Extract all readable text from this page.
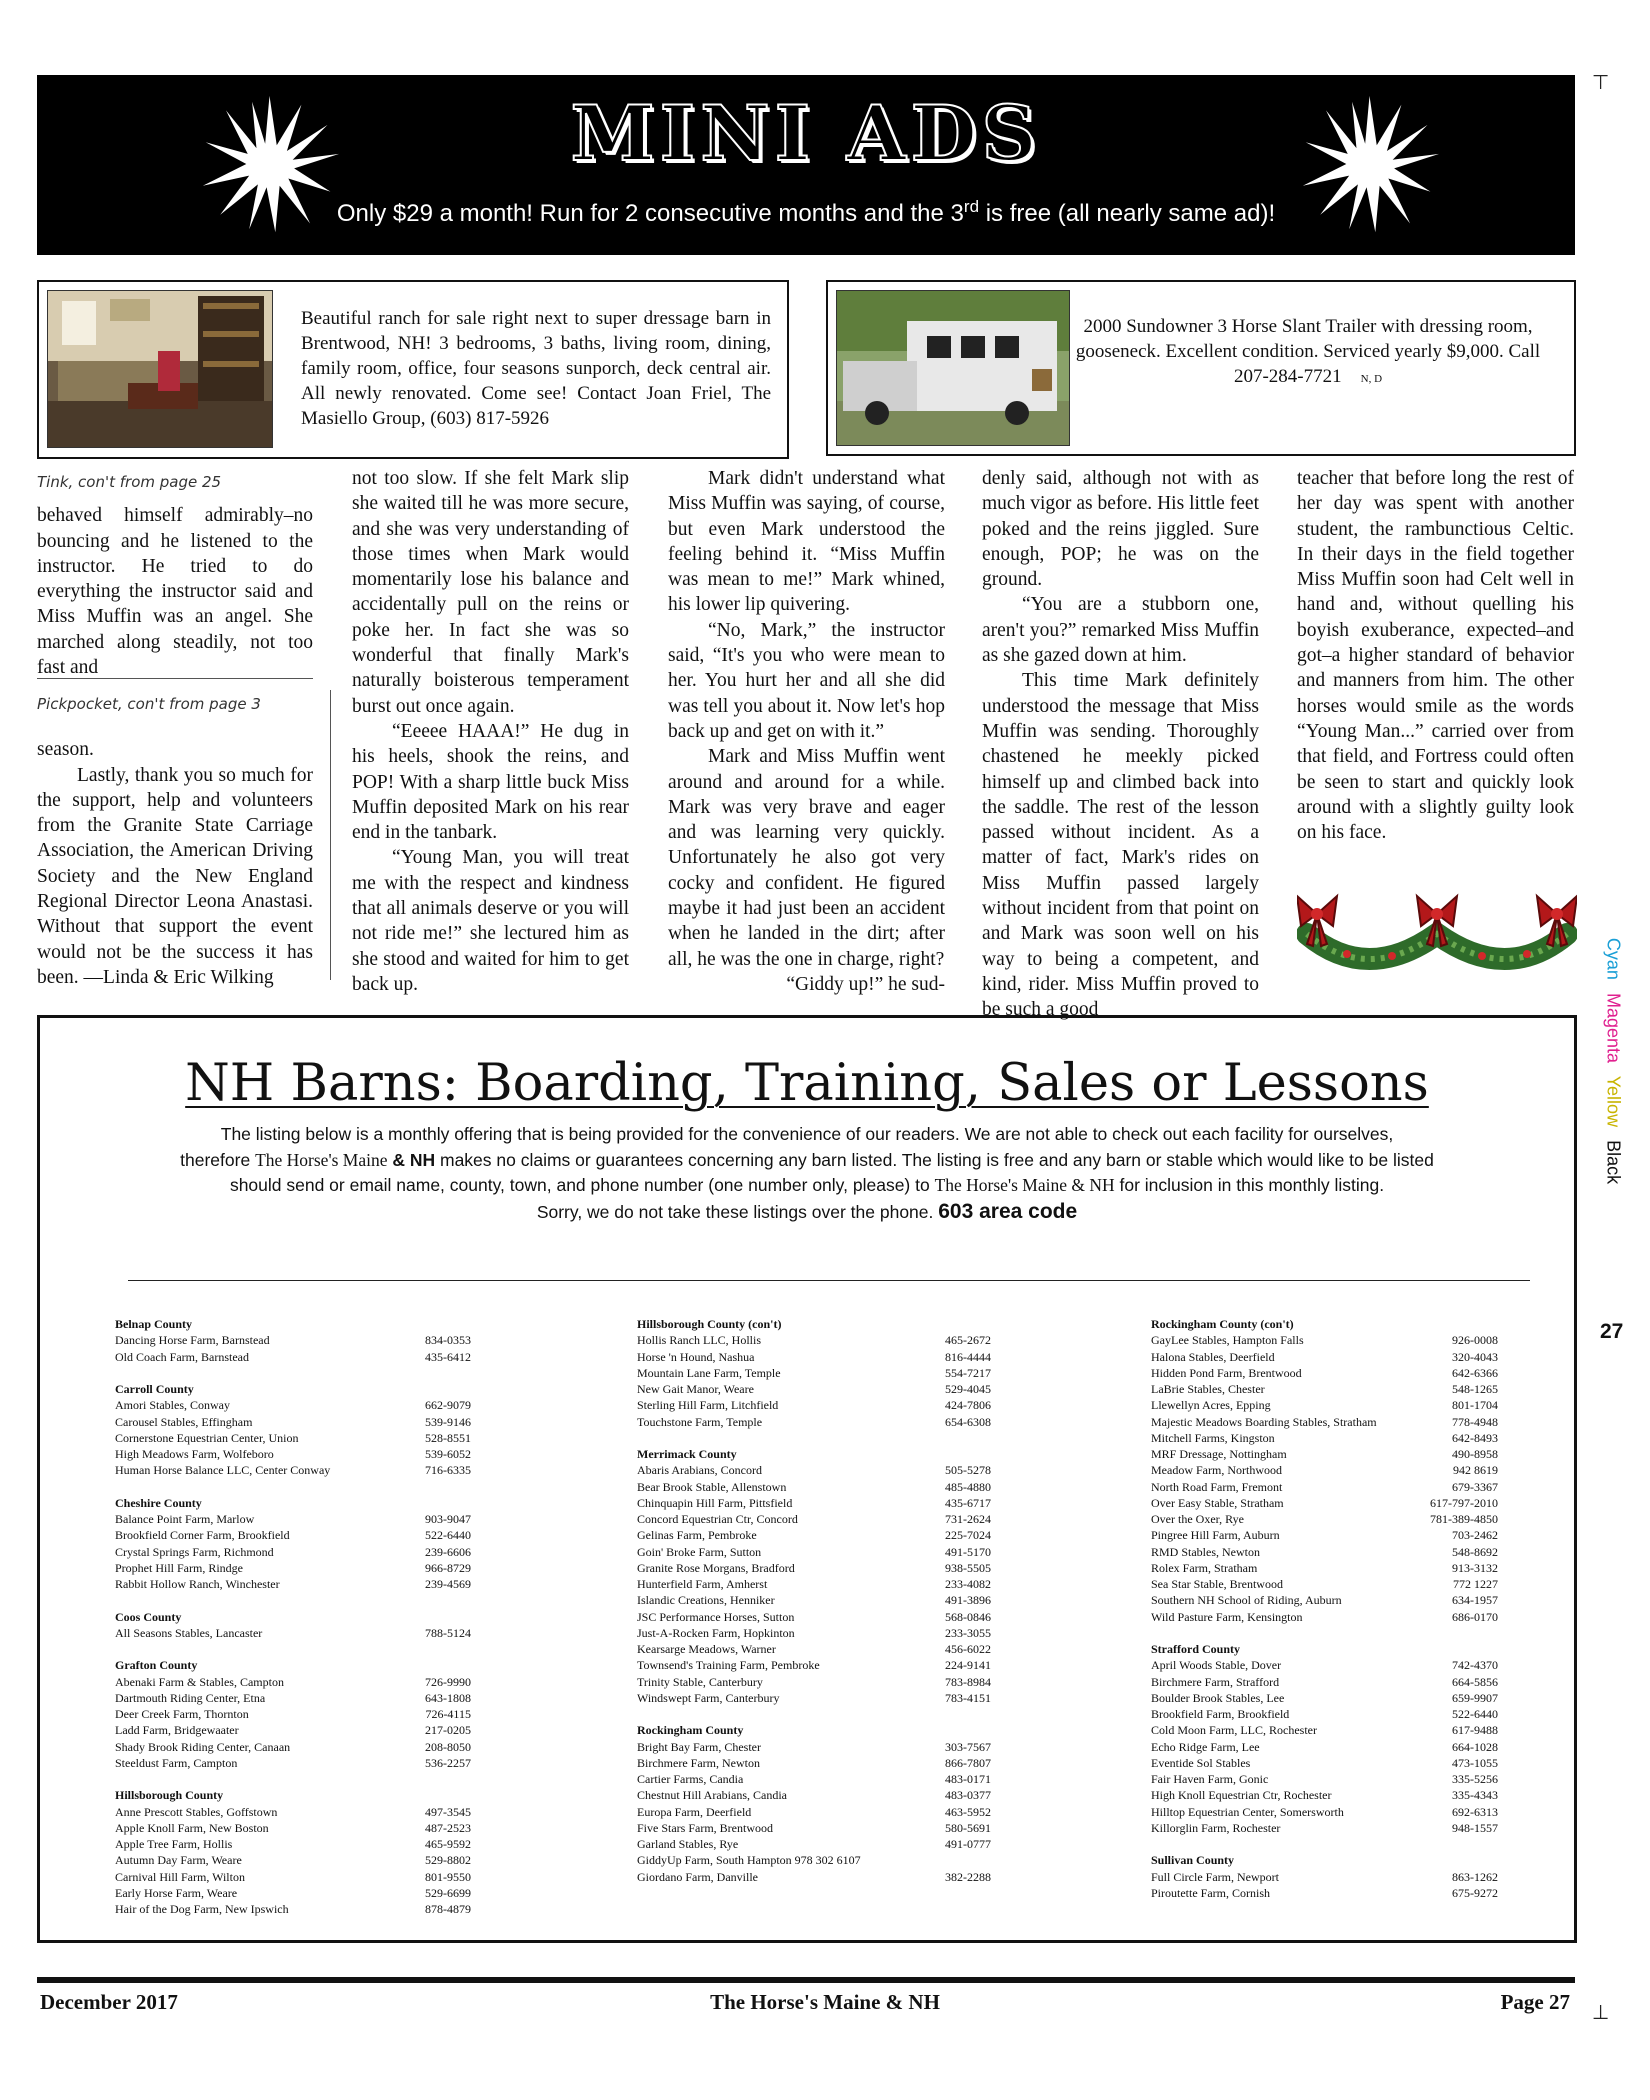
MINI ADS
Only $29 a month! Run for 2 consecutive months and the 3rd is free (all nearly same ad)!
Beautiful ranch for sale right next to super dressage barn in Brentwood, NH! 3 bedrooms, 3 baths, living room, dining, family room, office, four seasons sunporch, deck central air. All newly renovated. Come see! Contact Joan Friel, The Masiello Group, (603) 817-5926
2000 Sundowner 3 Horse Slant Trailer with dressing room, gooseneck. Excellent condition. Serviced yearly $9,000. Call 207-284-7721 N, D
Tink, con't from page 25

behaved himself admirably–no bouncing and he listened to the instructor. He tried to do everything the instructor said and Miss Muffin was an angel. She marched along steadily, not too fast and

Pickpocket, con't from page 3

season.

Lastly, thank you so much for the support, help and volunteers from the Granite State Carriage Association, the American Driving Society and the New England Regional Director Leona Anastasi. Without that support the event would not be the success it has been. —Linda & Eric Wilking

not too slow. If she felt Mark slip she waited till he was more secure, and she was very understanding of those times when Mark would momentarily lose his balance and accidentally pull on the reins or poke her. In fact she was so wonderful that finally Mark's naturally boisterous temperament burst out once again.

“Eeeee HAAA!” He dug in his heels, shook the reins, and POP! With a sharp little buck Miss Muffin deposited Mark on his rear end in the tanbark.

“Young Man, you will treat me with the respect and kindness that all animals deserve or you will not ride me!” she lectured him as she stood and waited for him to get back up.

Mark didn't understand what Miss Muffin was saying, of course, but even Mark understood the feeling behind it. “Miss Muffin was mean to me!” Mark whined, his lower lip quivering.

“No, Mark,” the instructor said, “It's you who were mean to her. You hurt her and all she did was tell you about it. Now let's hop back up and get on with it.”

Mark and Miss Muffin went around and around for a while. Mark was very brave and eager and was learning very quickly. Unfortunately he also got very cocky and confident. He figured maybe it had just been an accident when he landed in the dirt; after all, he was the one in charge, right?

“Giddy up!” he sud-

denly said, although not with as much vigor as before. His little feet poked and the reins jiggled. Sure enough, POP; he was on the ground.

“You are a stubborn one, aren't you?” remarked Miss Muffin as she gazed down at him.

This time Mark definitely understood the message that Miss Muffin was sending. Thoroughly chastened he meekly picked himself up and climbed back into the saddle. The rest of the lesson passed without incident. As a matter of fact, Mark's rides on Miss Muffin passed largely without incident from that point on and Mark was soon well on his way to being a competent, and kind, rider. Miss Muffin proved to be such a good

teacher that before long the rest of her day was spent with another student, the rambunctious Celtic. In their days in the field together Miss Muffin soon had Celt well in hand and, without quelling his boyish exuberance, expected–and got–a higher standard of behavior and manners from him. The other horses would smile as the words “Young Man...” carried over from that field, and Fortress could often be seen to start and quickly look around with a slightly guilty look on his face.

NH Barns: Boarding, Training, Sales or Lessons
The listing below is a monthly offering that is being provided for the convenience of our readers. We are not able to check out each facility for ourselves,
therefore The Horse's Maine & NH makes no claims or guarantees concerning any barn listed. The listing is free and any barn or stable which would like to be listed
should send or email name, county, town, and phone number (one number only, please) to The Horse's Maine & NH for inclusion in this monthly listing.
Sorry, we do not take these listings over the phone. 603 area code
Belnap County
Dancing Horse Farm, Barnstead	834-0353
Old Coach Farm, Barnstead	435-6412
Carroll County
Amori Stables, Conway	662-9079
Carousel Stables, Effingham	539-9146
Cornerstone Equestrian Center, Union	528-8551
High Meadows Farm, Wolfeboro	539-6052
Human Horse Balance LLC, Center Conway	716-6335
Cheshire County
Balance Point Farm, Marlow	903-9047
Brookfield Corner Farm, Brookfield	522-6440
Crystal Springs Farm, Richmond	239-6606
Prophet Hill Farm, Rindge	966-8729
Rabbit Hollow Ranch, Winchester	239-4569
Coos County
All Seasons Stables, Lancaster	788-5124
Grafton County
Abenaki Farm & Stables, Campton	726-9990
Dartmouth Riding Center, Etna	643-1808
Deer Creek Farm, Thornton	726-4115
Ladd Farm, Bridgewaater	217-0205
Shady Brook Riding Center, Canaan	208-8050
Steeldust Farm, Campton	536-2257
Hillsborough County
Anne Prescott Stables, Goffstown	497-3545
Apple Knoll Farm, New Boston	487-2523
Apple Tree Farm, Hollis	465-9592
Autumn Day Farm, Weare	529-8802
Carnival Hill Farm, Wilton	801-9550
Early Horse Farm, Weare	529-6699
Hair of the Dog Farm, New Ipswich	878-4879
Hillsborough County (con't)
Hollis Ranch LLC, Hollis	465-2672
Horse 'n Hound, Nashua	816-4444
Mountain Lane Farm, Temple	554-7217
New Gait Manor, Weare	529-4045
Sterling Hill Farm, Litchfield	424-7806
Touchstone Farm, Temple	654-6308
Merrimack County
Abaris Arabians, Concord	505-5278
Bear Brook Stable, Allenstown	485-4880
Chinquapin Hill Farm, Pittsfield	435-6717
Concord Equestrian Ctr, Concord	731-2624
Gelinas Farm, Pembroke	225-7024
Goin' Broke Farm, Sutton	491-5170
Granite Rose Morgans, Bradford	938-5505
Hunterfield Farm, Amherst	233-4082
Islandic Creations, Henniker	491-3896
JSC Performance Horses, Sutton	568-0846
Just-A-Rocken Farm, Hopkinton	233-3055
Kearsarge Meadows, Warner	456-6022
Townsend's Training Farm, Pembroke	224-9141
Trinity Stable, Canterbury	783-8984
Windswept Farm, Canterbury	783-4151
Rockingham County
Bright Bay Farm, Chester	303-7567
Birchmere Farm, Newton	866-7807
Cartier Farms, Candia	483-0171
Chestnut Hill Arabians, Candia	483-0377
Europa Farm, Deerfield	463-5952
Five Stars Farm, Brentwood	580-5691
Garland Stables, Rye	491-0777
GiddyUp Farm, South Hampton 978 302 6107
Giordano Farm, Danville	382-2288
Rockingham County (con't)
GayLee Stables, Hampton Falls	926-0008
Halona Stables, Deerfield	320-4043
Hidden Pond Farm, Brentwood	642-6366
LaBrie Stables, Chester	548-1265
Llewellyn Acres, Epping	801-1704
Majestic Meadows Boarding Stables, Stratham	778-4948
Mitchell Farms, Kingston	642-8493
MRF Dressage, Nottingham	490-8958
Meadow Farm, Northwood	942 8619
North Road Farm, Fremont	679-3367
Over Easy Stable, Stratham	617-797-2010
Over the Oxer, Rye	781-389-4850
Pingree Hill Farm, Auburn	703-2462
RMD Stables, Newton	548-8692
Rolex Farm, Stratham	913-3132
Sea Star Stable, Brentwood	772 1227
Southern NH School of Riding, Auburn	634-1957
Wild Pasture Farm, Kensington	686-0170
Strafford County
April Woods Stable, Dover	742-4370
Birchmere Farm, Strafford	664-5856
Boulder Brook Stables, Lee	659-9907
Brookfield Farm, Brookfield	522-6440
Cold Moon Farm, LLC, Rochester	617-9488
Echo Ridge Farm, Lee	664-1028
Eventide Sol Stables	473-1055
Fair Haven Farm, Gonic	335-5256
High Knoll Equestrian Ctr, Rochester	335-4343
Hilltop Equestrian Center, Somersworth	692-6313
Killorglin Farm, Rochester	948-1557
Sullivan County
Full Circle Farm, Newport	863-1262
Piroutette Farm, Cornish	675-9272
⊤
⊥
Cyan Magenta Yellow Black
27
December 2017	The Horse's Maine & NH	Page 27
